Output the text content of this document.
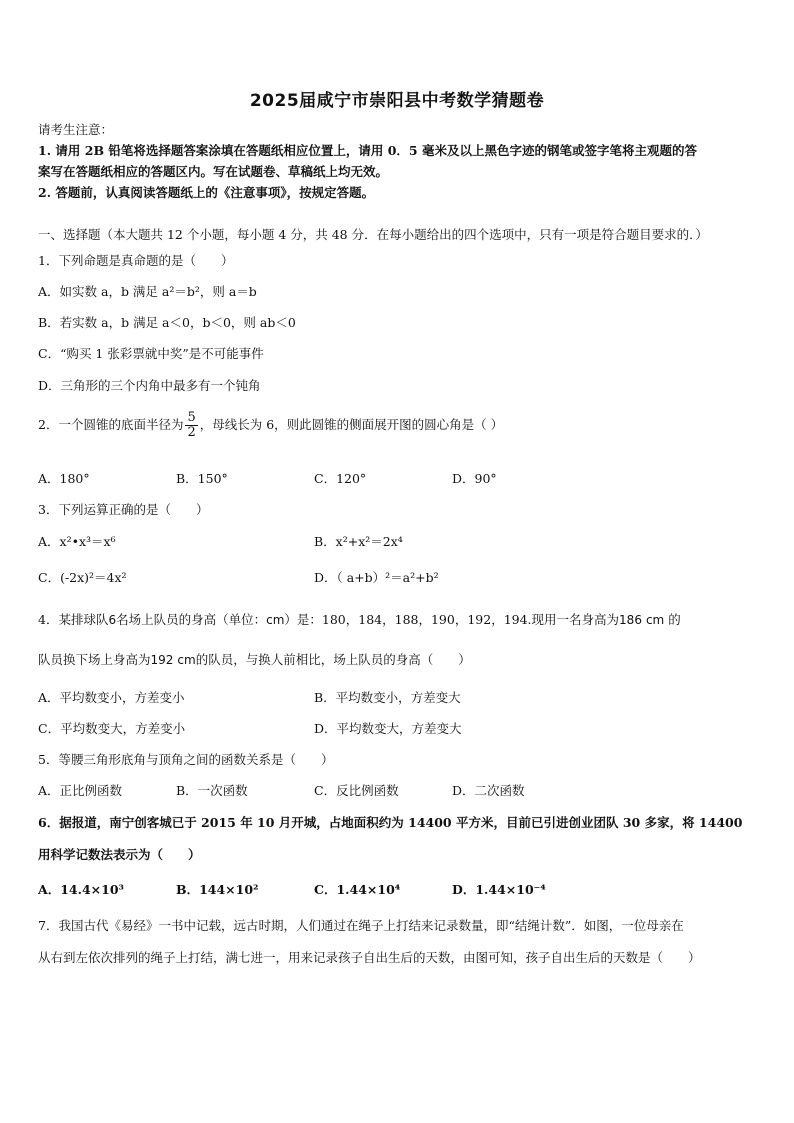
2025届咸宁市崇阳县中考数学猜题卷
请考生注意：
1. 请用 2B 铅笔将选择题答案涂填在答题纸相应位置上，请用 0．5 毫米及以上黑色字迹的钢笔或签字笔将主观题的答
案写在答题纸相应的答题区内。写在试题卷、草稿纸上均无效。
2. 答题前，认真阅读答题纸上的《注意事项》，按规定答题。
一、选择题（本大题共 12 个小题，每小题 4 分，共 48 分．在每小题给出的四个选项中，只有一项是符合题目要求的．）
1．下列命题是真命题的是（　　）
A．如实数 a，b 满足 a²＝b²，则 a＝b
B．若实数 a，b 满足 a＜0，b＜0，则 ab＜0
C．“购买 1 张彩票就中奖”是不可能事件
D．三角形的三个内角中最多有一个钝角
2．一个圆锥的底面半径为 $\frac{5}{2}$ ，母线长为 6，则此圆锥的侧面展开图的圆心角是（ ）
A．180°	B．150°	C．120°	D．90°
3．下列运算正确的是（　　）
A．x²•x³＝x⁶	B．x²+x²＝2x⁴
C．(-2x)²＝4x²	D．（ a+b）²＝a²+b²
4．某排球队6名场上队员的身高（单位：cm）是：180，184，188，190，192，194.现用一名身高为186 cm 的
队员换下场上身高为192 cm的队员，与换人前相比，场上队员的身高（　　）
A．平均数变小，方差变小	B．平均数变小，方差变大
C．平均数变大，方差变小	D．平均数变大，方差变大
5．等腰三角形底角与顶角之间的函数关系是（　　）
A．正比例函数	B．一次函数	C．反比例函数	D．二次函数
6．据报道，南宁创客城已于 2015 年 10 月开城，占地面积约为 14400 平方米，目前已引进创业团队 30 多家，将 14400
用科学记数法表示为（　　）
A．14.4×10³	B．144×10²	C．1.44×10⁴	D．1.44×10⁻⁴
7．我国古代《易经》一书中记载，远古时期，人们通过在绳子上打结来记录数量，即“结绳计数”．如图，一位母亲在
从右到左依次排列的绳子上打结，满七进一，用来记录孩子自出生后的天数，由图可知，孩子自出生后的天数是（　　）
